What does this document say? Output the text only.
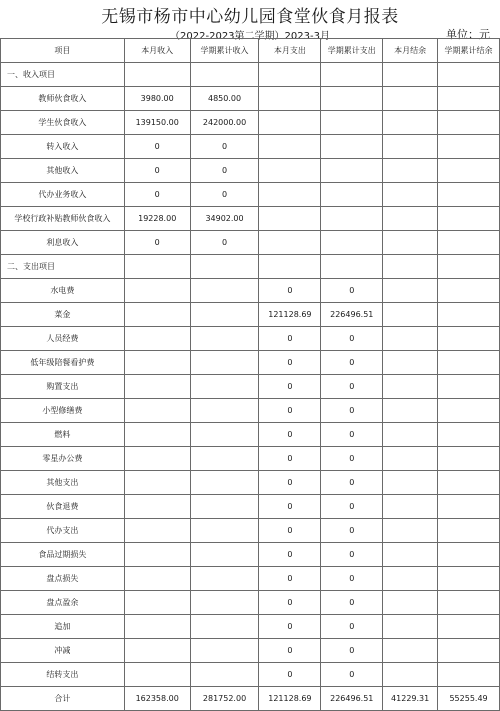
无锡市杨市中心幼儿园食堂伙食月报表
（2022-2023第二学期）2023-3月	单位：元
项目	本月收入	学期累计收入	本月支出	学期累计支出	本月结余	学期累计结余
一、收入项目						
教师伙食收入	3980.00	4850.00				
学生伙食收入	139150.00	242000.00				
转入收入	0	0				
其他收入	0	0				
代办业务收入	0	0				
学校行政补贴教师伙食收入	19228.00	34902.00				
利息收入	0	0				
二、支出项目						
水电费			0	0		
菜金			121128.69	226496.51		
人员经费			0	0		
低年级陪餐看护费			0	0		
购置支出			0	0		
小型修缮费			0	0		
燃料			0	0		
零星办公费			0	0		
其他支出			0	0		
伙食退费			0	0		
代办支出			0	0		
食品过期损失			0	0		
盘点损失			0	0		
盘点盈余			0	0		
追加			0	0		
冲减			0	0		
结转支出			0	0		
合计	162358.00	281752.00	121128.69	226496.51	41229.31	55255.49
